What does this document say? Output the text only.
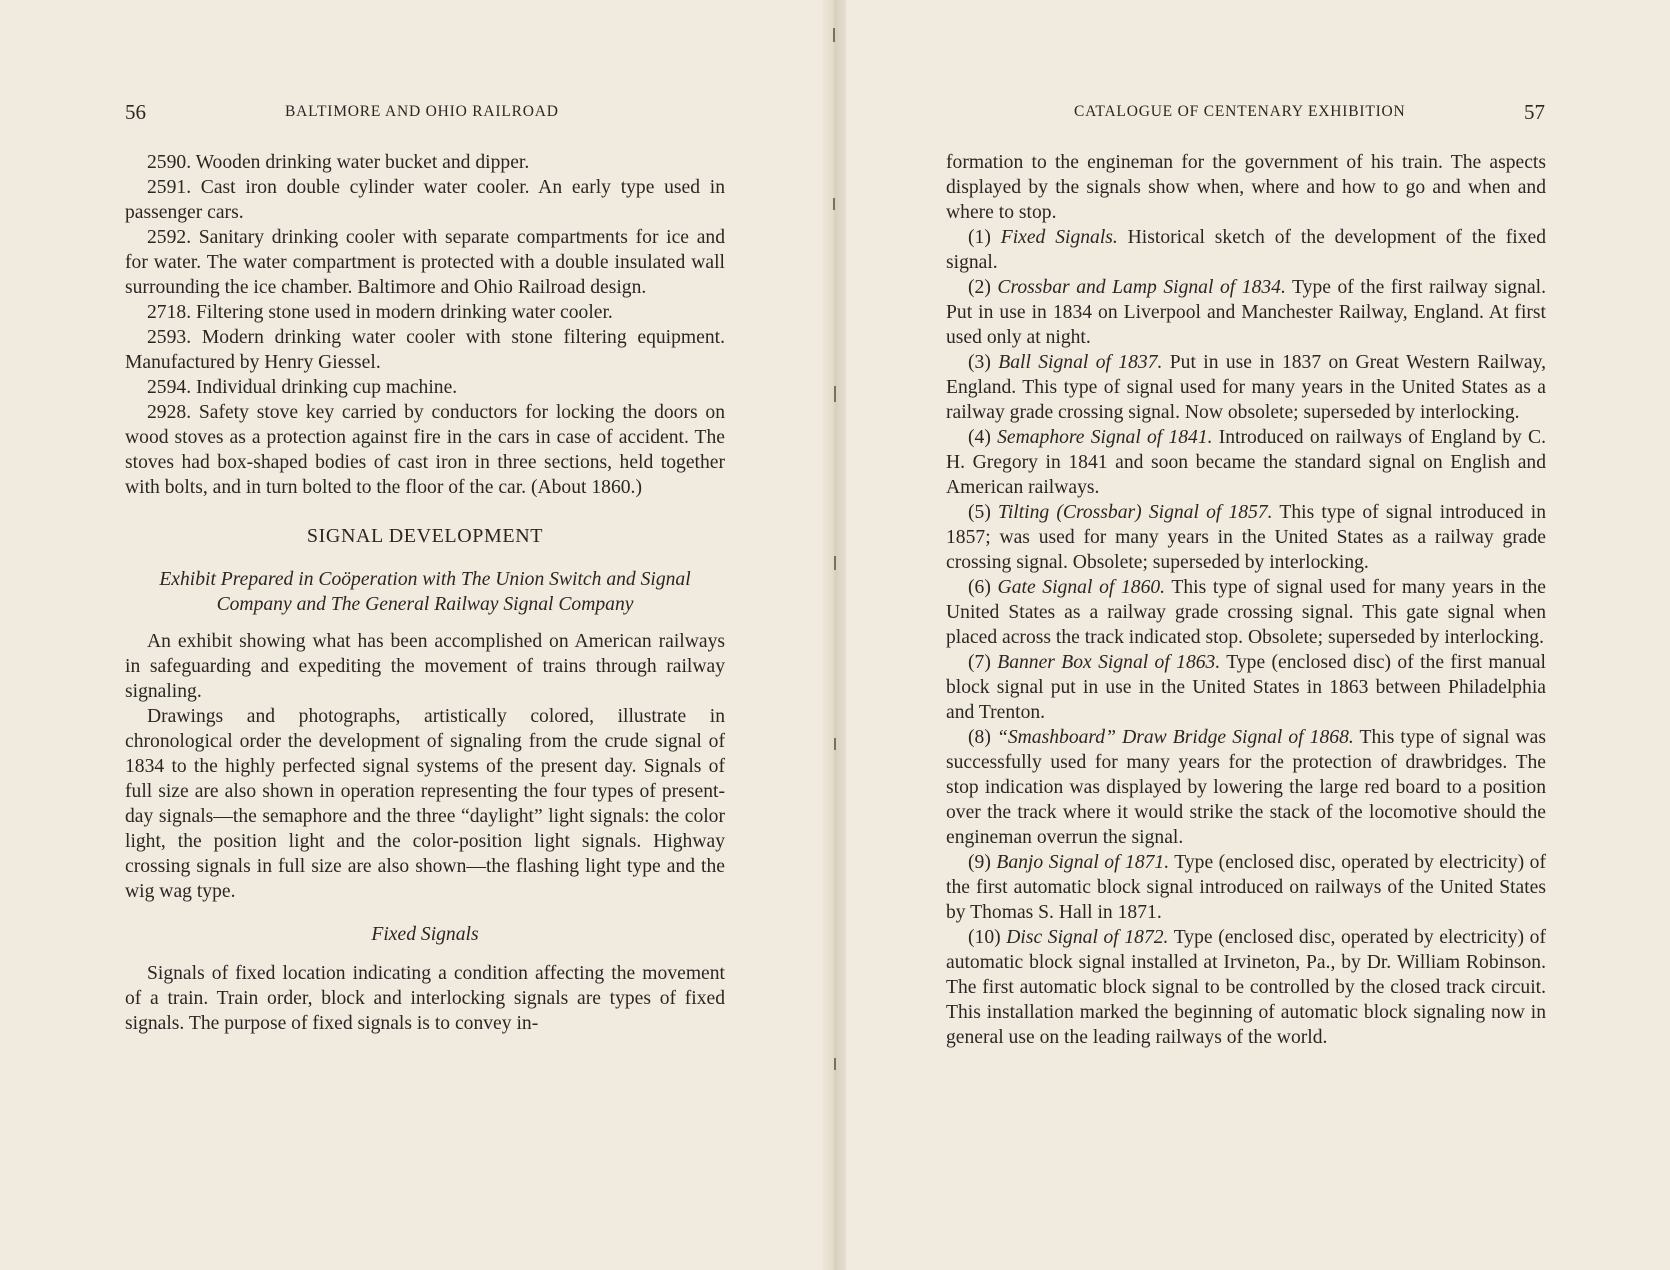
56	BALTIMORE AND OHIO RAILROAD

2590. Wooden drinking water bucket and dipper.

2591. Cast iron double cylinder water cooler. An early type used in passenger cars.

2592. Sanitary drinking cooler with separate compartments for ice and for water. The water compartment is protected with a double insulated wall surrounding the ice chamber. Baltimore and Ohio Railroad design.

2718. Filtering stone used in modern drinking water cooler.

2593. Modern drinking water cooler with stone filtering equipment. Manufactured by Henry Giessel.

2594. Individual drinking cup machine.

2928. Safety stove key carried by conductors for locking the doors on wood stoves as a protection against fire in the cars in case of accident. The stoves had box-shaped bodies of cast iron in three sections, held together with bolts, and in turn bolted to the floor of the car. (About 1860.)

SIGNAL DEVELOPMENT
Exhibit Prepared in Coöperation with The Union Switch and Signal Company and The General Railway Signal Company

An exhibit showing what has been accomplished on American railways in safeguarding and expediting the movement of trains through railway signaling.

Drawings and photographs, artistically colored, illustrate in chronological order the development of signaling from the crude signal of 1834 to the highly perfected signal systems of the present day. Signals of full size are also shown in operation representing the four types of present-day signals—the semaphore and the three “daylight” light signals: the color light, the position light and the color-position light signals. Highway crossing signals in full size are also shown—the flashing light type and the wig wag type.

Fixed Signals

Signals of fixed location indicating a condition affecting the movement of a train. Train order, block and interlocking signals are types of fixed signals. The purpose of fixed signals is to convey in-

CATALOGUE OF CENTENARY EXHIBITION	57

formation to the engineman for the government of his train. The aspects displayed by the signals show when, where and how to go and when and where to stop.

(1) Fixed Signals. Historical sketch of the development of the fixed signal.

(2) Crossbar and Lamp Signal of 1834. Type of the first railway signal. Put in use in 1834 on Liverpool and Manchester Railway, England. At first used only at night.

(3) Ball Signal of 1837. Put in use in 1837 on Great Western Railway, England. This type of signal used for many years in the United States as a railway grade crossing signal. Now obsolete; superseded by interlocking.

(4) Semaphore Signal of 1841. Introduced on railways of England by C. H. Gregory in 1841 and soon became the standard signal on English and American railways.

(5) Tilting (Crossbar) Signal of 1857. This type of signal introduced in 1857; was used for many years in the United States as a railway grade crossing signal. Obsolete; superseded by interlocking.

(6) Gate Signal of 1860. This type of signal used for many years in the United States as a railway grade crossing signal. This gate signal when placed across the track indicated stop. Obsolete; superseded by interlocking.

(7) Banner Box Signal of 1863. Type (enclosed disc) of the first manual block signal put in use in the United States in 1863 between Philadelphia and Trenton.

(8) “Smashboard” Draw Bridge Signal of 1868. This type of signal was successfully used for many years for the protection of drawbridges. The stop indication was displayed by lowering the large red board to a position over the track where it would strike the stack of the locomotive should the engineman overrun the signal.

(9) Banjo Signal of 1871. Type (enclosed disc, operated by electricity) of the first automatic block signal introduced on railways of the United States by Thomas S. Hall in 1871.

(10) Disc Signal of 1872. Type (enclosed disc, operated by electricity) of automatic block signal installed at Irvineton, Pa., by Dr. William Robinson. The first automatic block signal to be controlled by the closed track circuit. This installation marked the beginning of automatic block signaling now in general use on the leading railways of the world.
